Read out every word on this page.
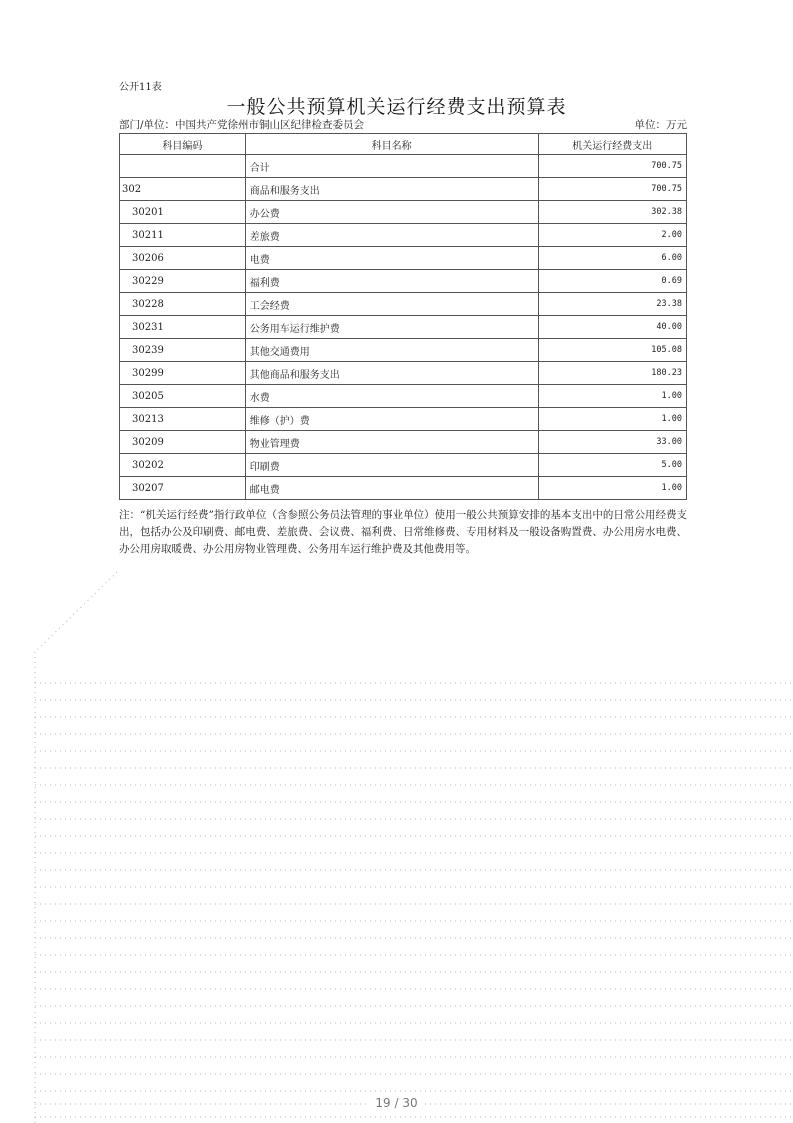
公开11表
一般公共预算机关运行经费支出预算表
部门/单位：中国共产党徐州市铜山区纪律检查委员会	单位：万元
科目编码	科目名称	机关运行经费支出
	合计	700.75
302	商品和服务支出	700.75
30201	办公费	302.38
30211	差旅费	2.00
30206	电费	6.00
30229	福利费	0.69
30228	工会经费	23.38
30231	公务用车运行维护费	40.00
30239	其他交通费用	105.08
30299	其他商品和服务支出	180.23
30205	水费	1.00
30213	维修（护）费	1.00
30209	物业管理费	33.00
30202	印刷费	5.00
30207	邮电费	1.00
注：“机关运行经费”指行政单位（含参照公务员法管理的事业单位）使用一般公共预算安排的基本支出中的日常公用经费支出，包括办公及印刷费、邮电费、差旅费、会议费、福利费、日常维修费、专用材料及一般设备购置费、办公用房水电费、办公用房取暖费、办公用房物业管理费、公务用车运行维护费及其他费用等。
19 / 30
